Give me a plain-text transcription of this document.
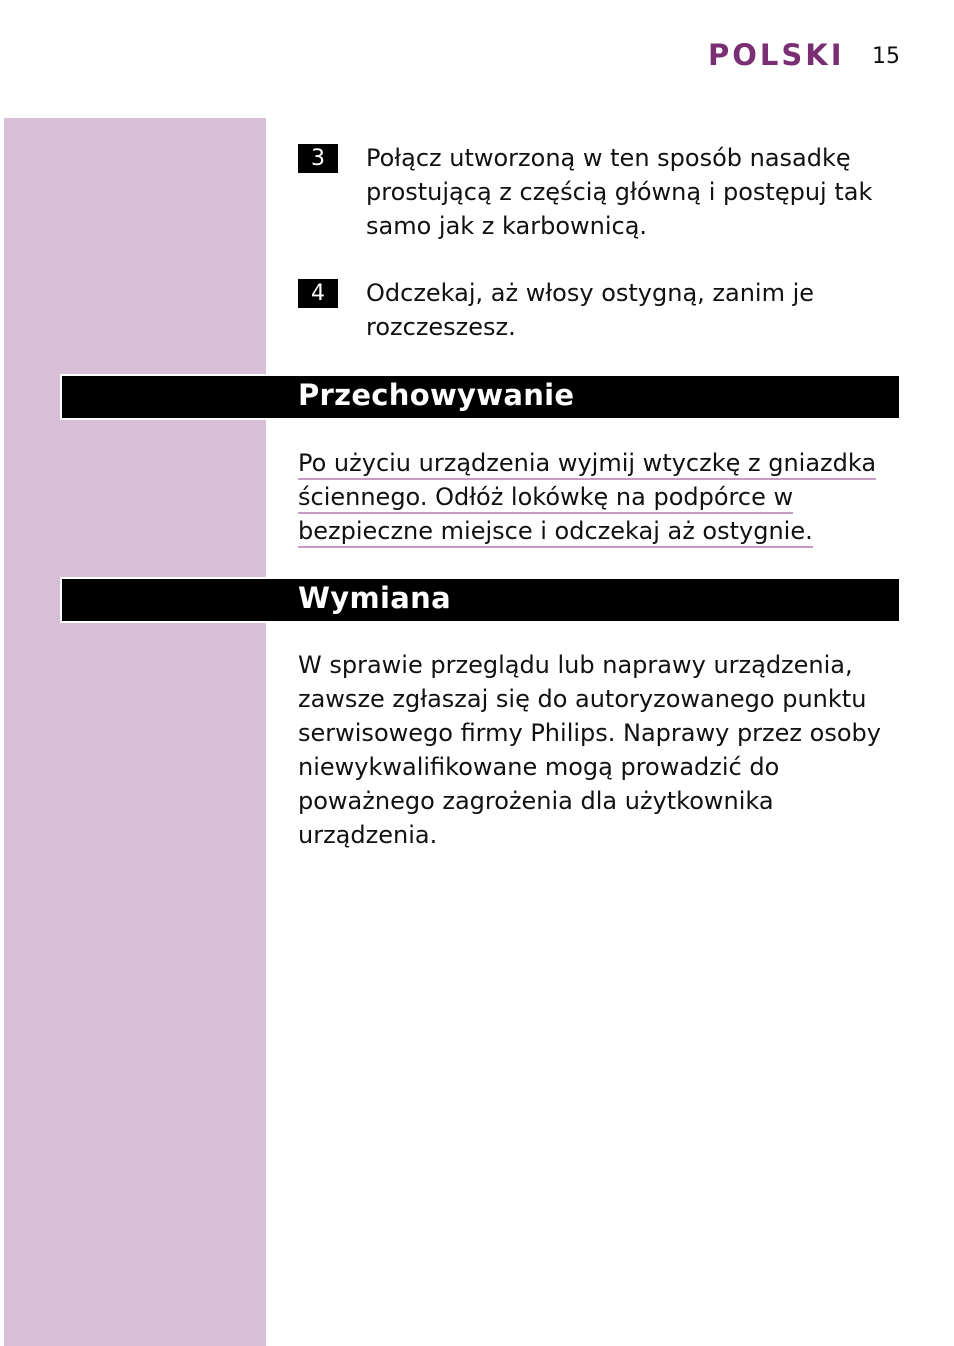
POLSKI 15
3	Połącz utworzoną w ten sposób nasadkę
prostującą z częścią główną i postępuj tak
samo jak z karbownicą.
4	Odczekaj, aż włosy ostygną, zanim je
rozczeszesz.
Przechowywanie
Po użyciu urządzenia wyjmij wtyczkę z gniazdka
ściennego. Odłóż lokówkę na podpórce w
bezpieczne miejsce i odczekaj aż ostygnie.
Wymiana
W sprawie przeglądu lub naprawy urządzenia,
zawsze zgłaszaj się do autoryzowanego punktu
serwisowego firmy Philips. Naprawy przez osoby
niewykwalifikowane mogą prowadzić do
poważnego zagrożenia dla użytkownika
urządzenia.
